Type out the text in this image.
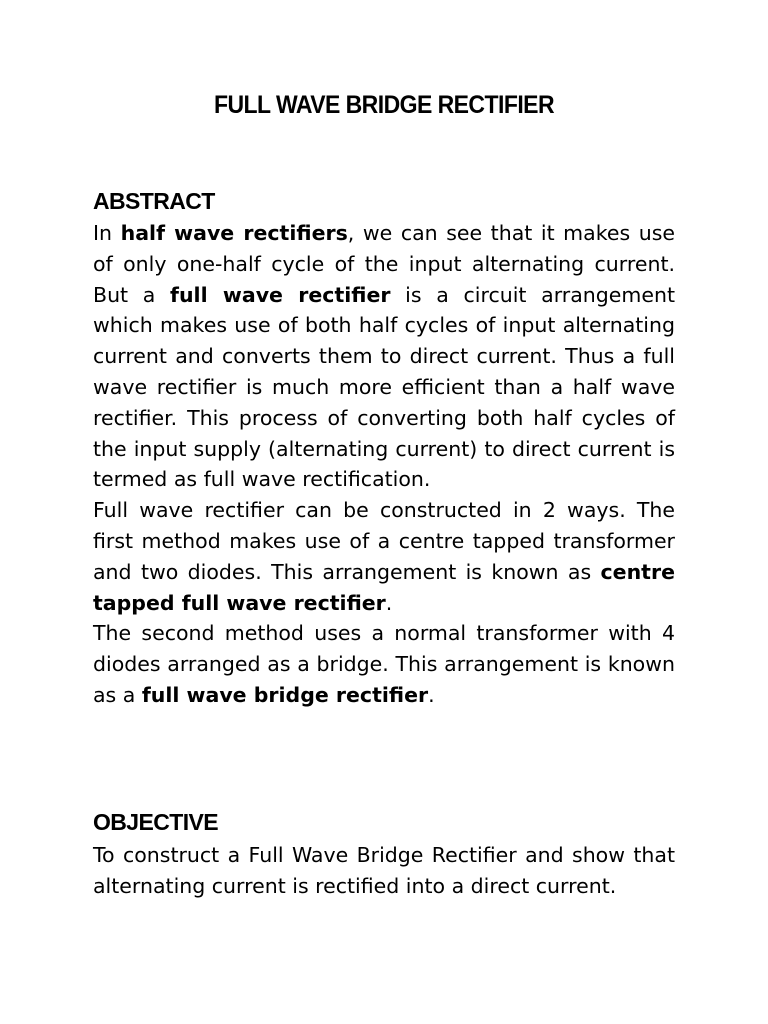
FULL WAVE BRIDGE RECTIFIER
ABSTRACT

In half wave rectifiers, we can see that it makes use of only one-half cycle of the input alternating current. But a full wave rectifier is a circuit arrangement which makes use of both half cycles of input alternating current and converts them to direct current. Thus a full wave rectifier is much more efficient than a half wave rectifier. This process of converting both half cycles of the input supply (alternating current) to direct current is termed as full wave rectification.

Full wave rectifier can be constructed in 2 ways. The first method makes use of a centre tapped transformer and two diodes. This arrangement is known as centre tapped full wave rectifier.

The second method uses a normal transformer with 4 diodes arranged as a bridge. This arrangement is known as a full wave bridge rectifier.

OBJECTIVE

To construct a Full Wave Bridge Rectifier and show that alternating current is rectified into a direct current.
